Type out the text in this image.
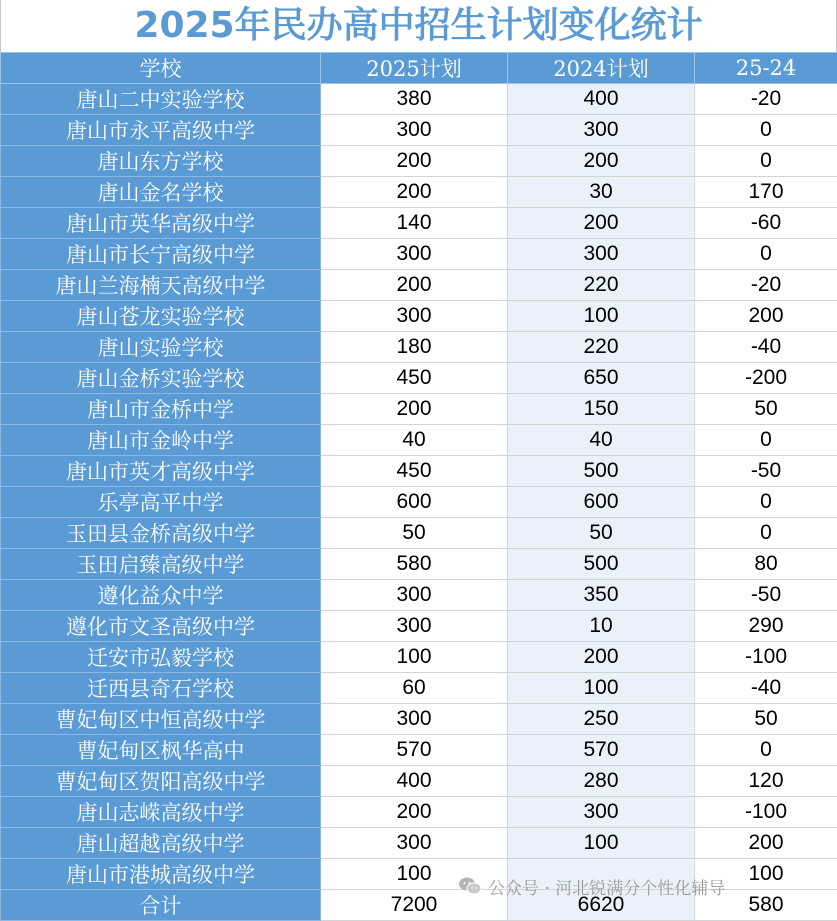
2025年民办高中招生计划变化统计
学校	2025计划	2024计划	25-24
唐山二中实验学校	380	400	-20
唐山市永平高级中学	300	300	0
唐山东方学校	200	200	0
唐山金名学校	200	30	170
唐山市英华高级中学	140	200	-60
唐山市长宁高级中学	300	300	0
唐山兰海楠天高级中学	200	220	-20
唐山苍龙实验学校	300	100	200
唐山实验学校	180	220	-40
唐山金桥实验学校	450	650	-200
唐山市金桥中学	200	150	50
唐山市金岭中学	40	40	0
唐山市英才高级中学	450	500	-50
乐亭高平中学	600	600	0
玉田县金桥高级中学	50	50	0
玉田启臻高级中学	580	500	80
遵化益众中学	300	350	-50
遵化市文圣高级中学	300	10	290
迁安市弘毅学校	100	200	-100
迁西县奇石学校	60	100	-40
曹妃甸区中恒高级中学	300	250	50
曹妃甸区枫华高中	570	570	0
曹妃甸区贺阳高级中学	400	280	120
唐山志嵘高级中学	200	300	-100
唐山超越高级中学	300	100	200
唐山市港城高级中学	100		100
合计	7200	6620	580
公众号 · 河北锐满分个性化辅导
